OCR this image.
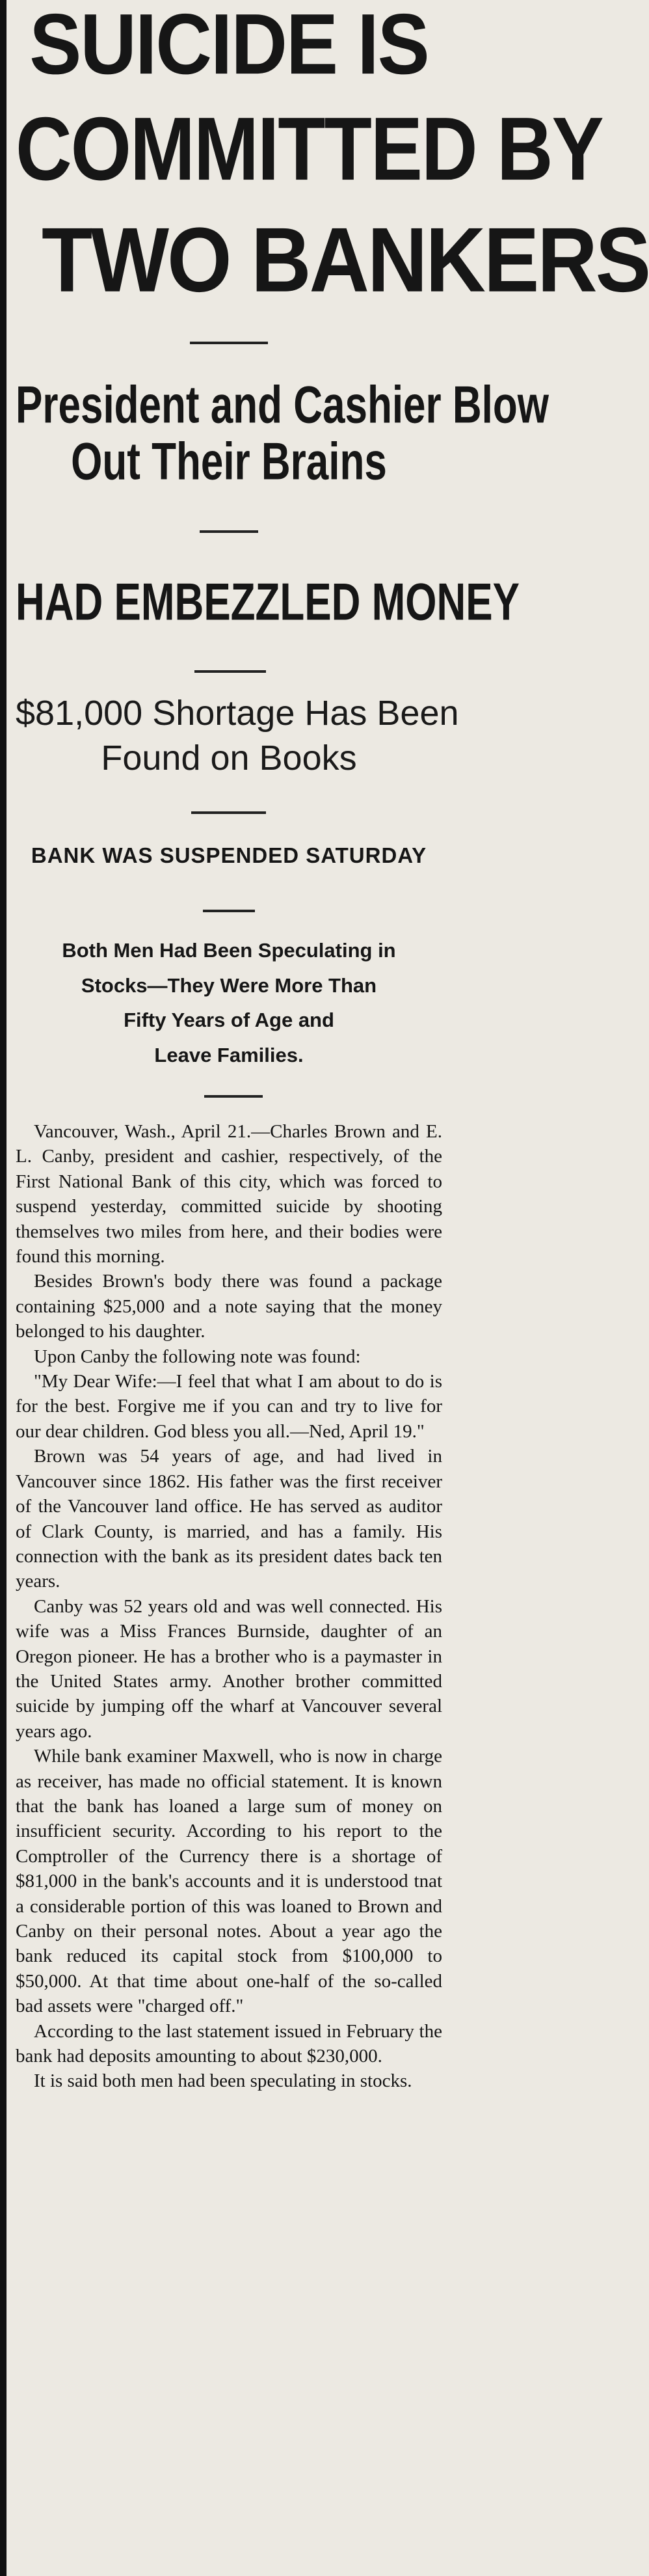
SUICIDE IS
COMMITTED BY
TWO BANKERS
President and Cashier Blow
Out Their Brains
HAD EMBEZZLED MONEY
$81,000 Shortage Has Been
Found on Books
BANK WAS SUSPENDED SATURDAY
Both Men Had Been Speculating in
Stocks—They Were More Than
Fifty Years of Age and
Leave Families.

Vancouver, Wash., April 21.—Charles Brown and E. L. Canby, president and cashier, respectively, of the First National Bank of this city, which was forced to suspend yesterday, committed suicide by shooting themselves two miles from here, and their bodies were found this morning.

Besides Brown's body there was found a package containing $25,000 and a note saying that the money belonged to his daughter.

Upon Canby the following note was found:

"My Dear Wife:—I feel that what I am about to do is for the best. Forgive me if you can and try to live for our dear children. God bless you all.—Ned, April 19."

Brown was 54 years of age, and had lived in Vancouver since 1862. His father was the first receiver of the Vancouver land office. He has served as auditor of Clark County, is married, and has a family. His connection with the bank as its president dates back ten years.

Canby was 52 years old and was well connected. His wife was a Miss Frances Burnside, daughter of an Oregon pioneer. He has a brother who is a paymaster in the United States army. Another brother committed suicide by jumping off the wharf at Vancouver several years ago.

While bank examiner Maxwell, who is now in charge as receiver, has made no official statement. It is known that the bank has loaned a large sum of money on insufficient security. According to his report to the Comptroller of the Currency there is a shortage of $81,000 in the bank's accounts and it is understood tnat a considerable portion of this was loaned to Brown and Canby on their personal notes. About a year ago the bank reduced its capital stock from $100,000 to $50,000. At that time about one-half of the so-called bad assets were "charged off."

According to the last statement issued in February the bank had deposits amounting to about $230,000.

It is said both men had been speculating in stocks.
